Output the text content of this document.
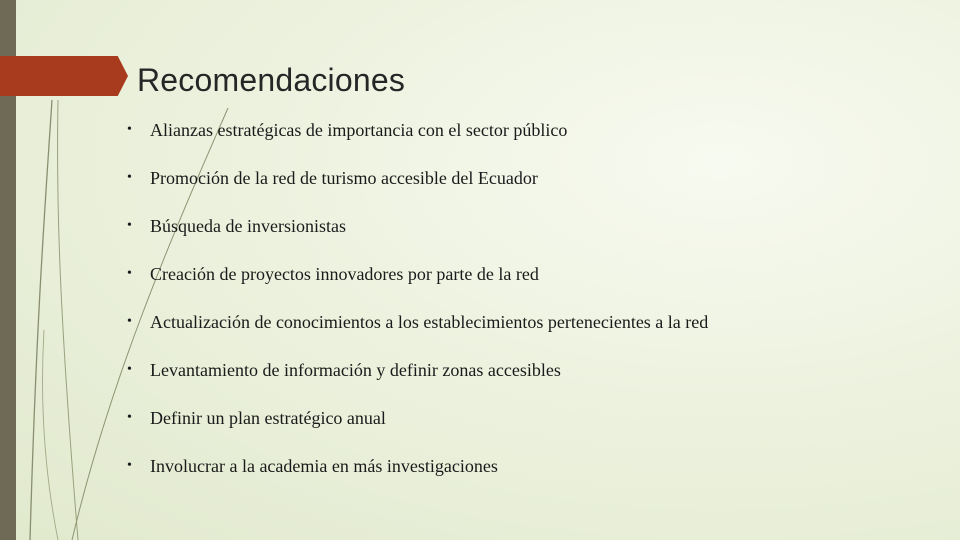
Recomendaciones
•	Alianzas estratégicas de importancia con el sector público
•	Promoción de la red de turismo accesible del Ecuador
•	Búsqueda de inversionistas
•	Creación de proyectos innovadores por parte de la red
•	Actualización de conocimientos a los establecimientos pertenecientes a la red
•	Levantamiento de información y definir zonas accesibles
•	Definir un plan estratégico anual
•	Involucrar a la academia en más investigaciones
